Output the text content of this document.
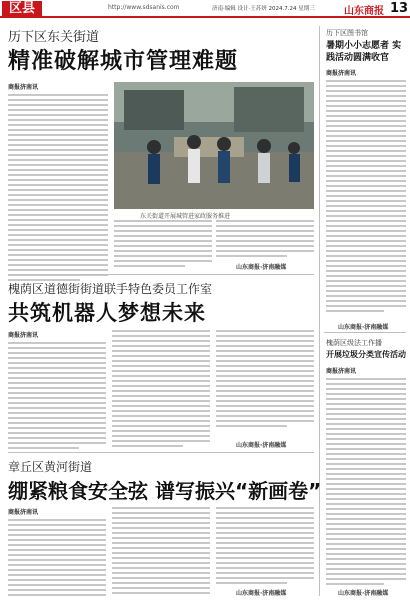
区县	http://www.sdsanis.com	济南·编辑 设计·王苏妍 2024.7.24 星期三	山东商报 13
历下区东关街道
精准破解城市管理难题
商报济南讯
东关街道开展城管进家政服务推进
山东商报·济南融媒
槐荫区道德街街道联手特色委员工作室
共筑机器人梦想未来
商报济南讯
山东商报·济南融媒
章丘区黄河街道
绷紧粮食安全弦 谱写振兴“新画卷”
商报济南讯
山东商报·济南融媒
历下区图书馆
暑期小小志愿者 实践活动圆满收官
商报济南讯
山东商报·济南融媒
槐荫区级法工作播
开展垃圾分类宣传活动
商报济南讯
山东商报·济南融媒
